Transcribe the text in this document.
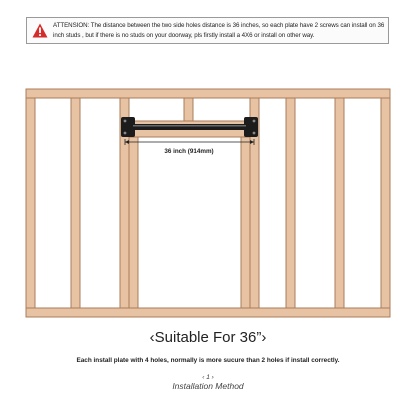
ATTENSION: The distance between the two side holes distance is 36 inches, so each plate have 2 screws can install on 36 inch studs , but if there is no studs on your doorway, pls firstly install a 4X6 or install on other way.
36 inch (914mm)
‹Suitable For 36”›
Each install plate with 4 holes, normally is more sucure than 2 holes if install correctly.
‹ 1 ›
Installation Method
